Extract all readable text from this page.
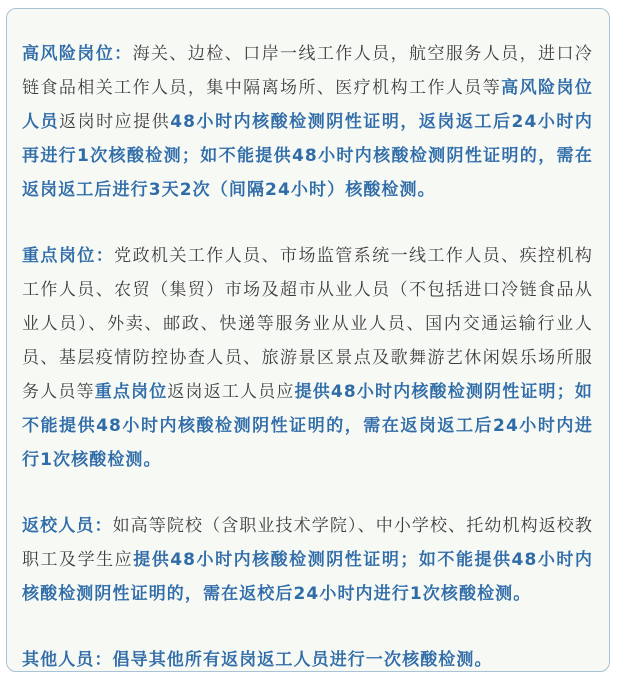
高风险岗位：海关、边检、口岸一线工作人员，航空服务人员，进口冷链食品相关工作人员，集中隔离场所、医疗机构工作人员等高风险岗位人员返岗时应提供48小时内核酸检测阴性证明，返岗返工后24小时内再进行1次核酸检测；如不能提供48小时内核酸检测阴性证明的，需在返岗返工后进行3天2次（间隔24小时）核酸检测。

重点岗位：党政机关工作人员、市场监管系统一线工作人员、疾控机构工作人员、农贸（集贸）市场及超市从业人员（不包括进口冷链食品从业人员）、外卖、邮政、快递等服务业从业人员、国内交通运输行业人员、基层疫情防控协查人员、旅游景区景点及歌舞游艺休闲娱乐场所服务人员等重点岗位返岗返工人员应提供48小时内核酸检测阴性证明；如不能提供48小时内核酸检测阴性证明的，需在返岗返工后24小时内进行1次核酸检测。

返校人员：如高等院校（含职业技术学院）、中小学校、托幼机构返校教职工及学生应提供48小时内核酸检测阴性证明；如不能提供48小时内核酸检测阴性证明的，需在返校后24小时内进行1次核酸检测。

其他人员：倡导其他所有返岗返工人员进行一次核酸检测。
